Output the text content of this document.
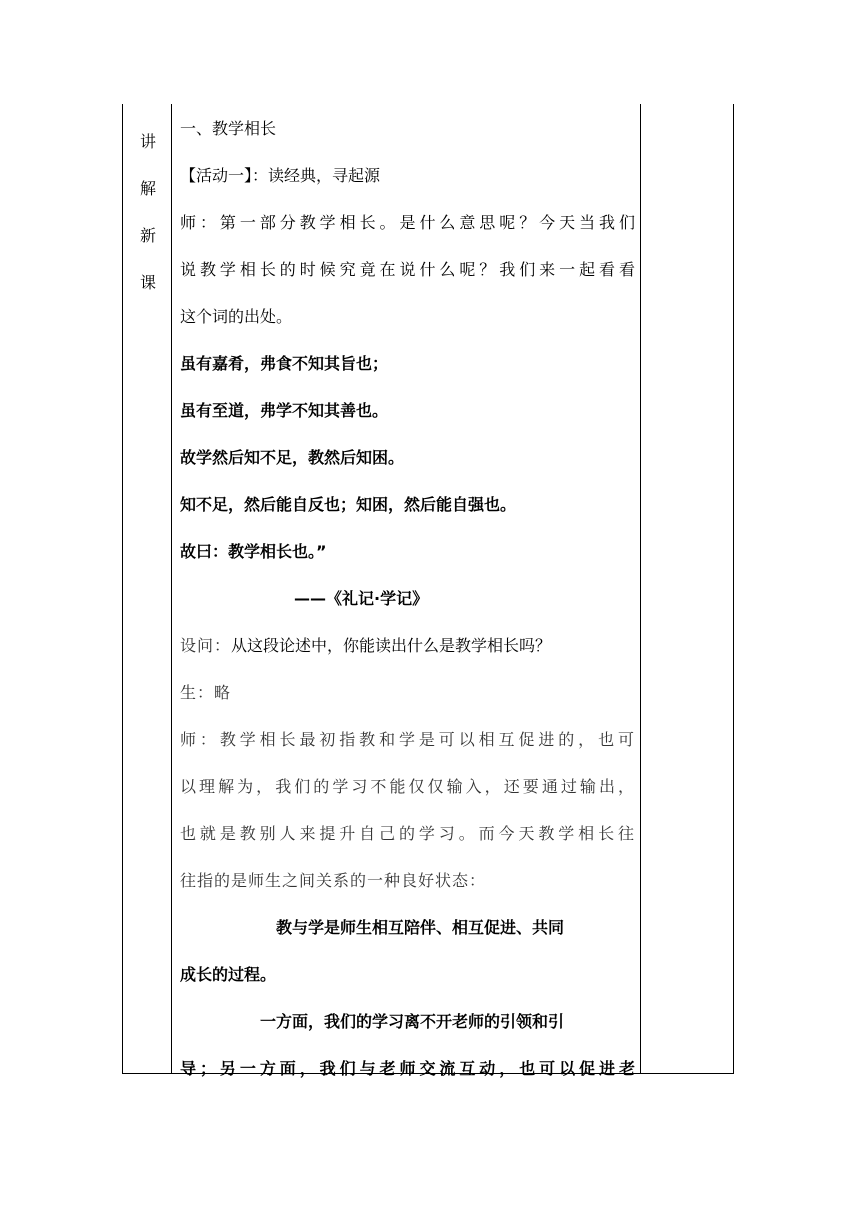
讲
解
新
课
一、教学相长
【活动一】：读经典，寻起源
师：第一部分教学相长。是什么意思呢？今天当我们
说教学相长的时候究竟在说什么呢？我们来一起看看
这个词的出处。
虽有嘉肴，弗食不知其旨也；
虽有至道，弗学不知其善也。
故学然后知不足，教然后知困。
知不足，然后能自反也；知困，然后能自强也。
故曰：教学相长也。”
——《礼记·学记》
设问：从这段论述中，你能读出什么是教学相长吗？
生：略
师：教学相长最初指教和学是可以相互促进的，也可
以理解为，我们的学习不能仅仅输入，还要通过输出，
也就是教别人来提升自己的学习。而今天教学相长往
往指的是师生之间关系的一种良好状态：
教与学是师生相互陪伴、相互促进、共同
成长的过程。
一方面，我们的学习离不开老师的引领和引
导；另一方面，我们与老师交流互动，也可以促进老
